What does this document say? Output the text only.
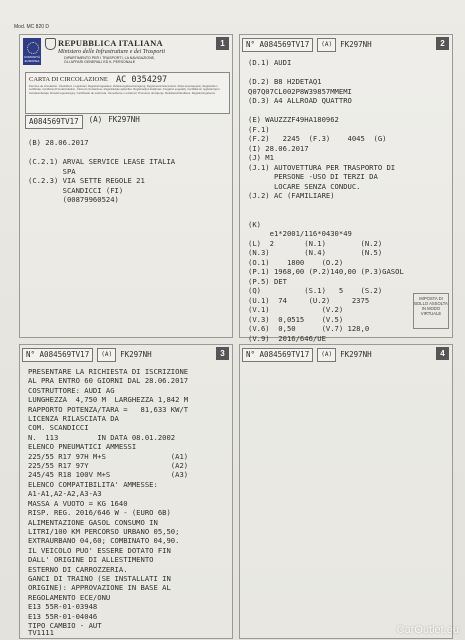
Mod. MC 820 D
COMUNITÀ EUROPEA
REPUBBLICA ITALIANA
Ministero delle Infrastrutture e dei Trasporti
DIPARTIMENTO PER I TRASPORTI, LA NAVIGAZIONE,
GLI AFFARI GENERALI ED IL PERSONALE
CARTA DI CIRCOLAZIONE AC 0354297
Permiso de circulación. Osvědčení o registraci. Registreringsattest. Zulassungsbescheinigung. Registreerimistunnistus. Άδεια κυκλοφορίας. Registration certificate. Certificat d'immatriculation. Carta di circolazione. Reģistrācijas apliecība. Registracijos liudijimas. Forgalmi engedély. Ċertifikat ta' reġistrazzjoni. Kentekenbewijs. Dowód rejestracyjny. Certificado de matrícula. Osvedčenie o evidencii. Prometno dovoljenje. Rekisteröintitodistus. Registreringsbevis.
A084569TV17	(A) FK297NH
1
(B) 28.06.2017

(C.2.1) ARVAL SERVICE LEASE ITALIA
SPA
(C.2.3) VIA SETTE REGOLE 21
SCANDICCI (FI)
(00879960524)
N° A084569TV17	(A)	FK297NH	2
(D.1) AUDI

(D.2) B8 H2DETAQ1
Q07Q07CL002P8W39857MMEMI
(D.3) A4 ALLROAD QUATTRO

(E) WAUZZZF49HA180962
(F.1)
(F.2)   2245  (F.3)    4045  (G)
(I) 28.06.2017
(J) M1
(J.1) AUTOVETTURA PER TRASPORTO DI
PERSONE -USO DI TERZI DA
LOCARE SENZA CONDUC.
(J.2) AC (FAMILIARE)

(K)
e1*2001/116*0430*49
(L)  2       (N.1)        (N.2)
(N.3)        (N.4)        (N.5)
(O.1)    1800    (O.2)
(P.1) 1968,00 (P.2)140,00 (P.3)GASOL
(P.5) DET
(Q)          (S.1)   5    (S.2)
(U.1)  74     (U.2)     2375
(V.1)            (V.2)
(V.3)  0,0515    (V.5)
(V.6)  0,50      (V.7) 128,0
(V.9)  2016/646/UE
IMPOSTA DI BOLLO ASSOLTA IN MODO VIRTUALE
N° A084569TV17	(A)	FK297NH	3
PRESENTARE LA RICHIESTA DI ISCRIZIONE
AL PRA ENTRO 60 GIORNI DAL 28.06.2017
COSTRUTTORE: AUDI AG
LUNGHEZZA  4,750 M  LARGHEZZA 1,842 M
RAPPORTO POTENZA/TARA =   81,633 KW/T
LICENZA RILASCIATA DA
COM. SCANDICCI
N.  113         IN DATA 08.01.2002
ELENCO PNEUMATICI AMMESSI
225/55 R17 97H M+S               (A1)
225/55 R17 97Y                   (A2)
245/45 R18 100V M+S              (A3)
ELENCO COMPATIBILITA' AMMESSE:
A1-A1,A2-A2,A3-A3
MASSA A VUOTO = KG 1640
RISP. REG. 2016/646 W - (EURO 6B)
ALIMENTAZIONE GASOL CONSUMO IN
LITRI/100 KM PERCORSO URBANO 05,50;
EXTRAURBANO 04,60; COMBINATO 04,90.
IL VEICOLO PUO' ESSERE DOTATO FIN
DALL' ORIGINE DI ALLESTIMENTO
ESTERNO DI CARROZZERIA.
GANCI DI TRAINO (SE INSTALLATI IN
ORIGINE): APPROVAZIONE IN BASE AL
REGOLAMENTO ECE/ONU
E13 55R-01-03948
E13 55R-01-04046
TIPO CAMBIO - AUT
TV1111
N° A084569TV17	(A)	FK297NH	4
CarOutlet.eu
